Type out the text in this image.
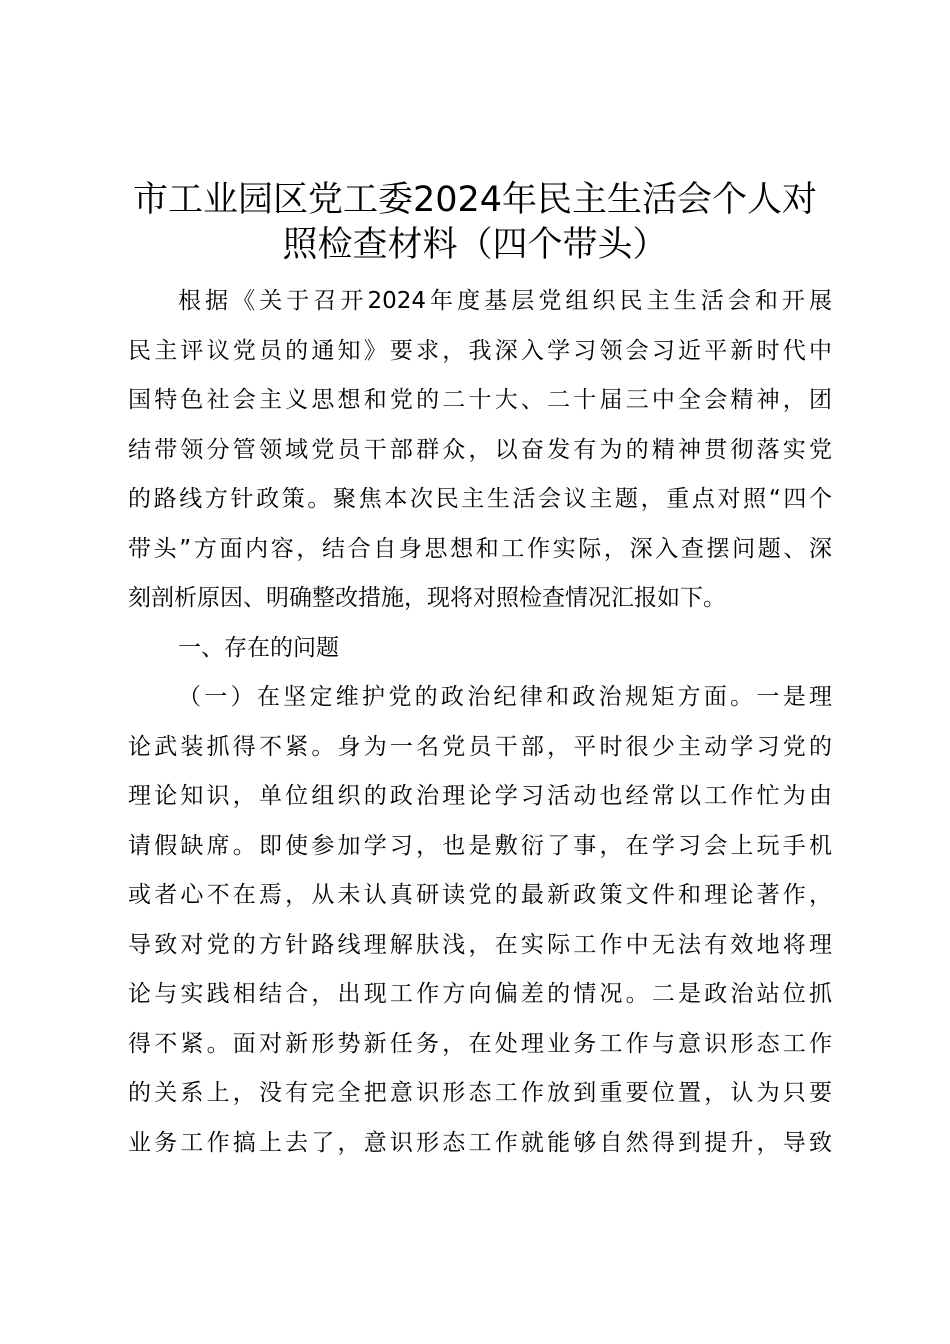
市工业园区党工委2024年民主生活会个人对
照检查材料（四个带头）
根据《关于召开2024年度基层党组织民主生活会和开展
民主评议党员的通知》要求，我深入学习领会习近平新时代中
国特色社会主义思想和党的二十大、二十届三中全会精神，团
结带领分管领域党员干部群众，以奋发有为的精神贯彻落实党
的路线方针政策。聚焦本次民主生活会议主题，重点对照“四个
带头”方面内容，结合自身思想和工作实际，深入查摆问题、深
刻剖析原因、明确整改措施，现将对照检查情况汇报如下。
一、存在的问题
（一）在坚定维护党的政治纪律和政治规矩方面。一是理
论武装抓得不紧。身为一名党员干部，平时很少主动学习党的
理论知识，单位组织的政治理论学习活动也经常以工作忙为由
请假缺席。即使参加学习，也是敷衍了事，在学习会上玩手机
或者心不在焉，从未认真研读党的最新政策文件和理论著作，
导致对党的方针路线理解肤浅，在实际工作中无法有效地将理
论与实践相结合，出现工作方向偏差的情况。二是政治站位抓
得不紧。面对新形势新任务，在处理业务工作与意识形态工作
的关系上，没有完全把意识形态工作放到重要位置，认为只要
业务工作搞上去了，意识形态工作就能够自然得到提升，导致
